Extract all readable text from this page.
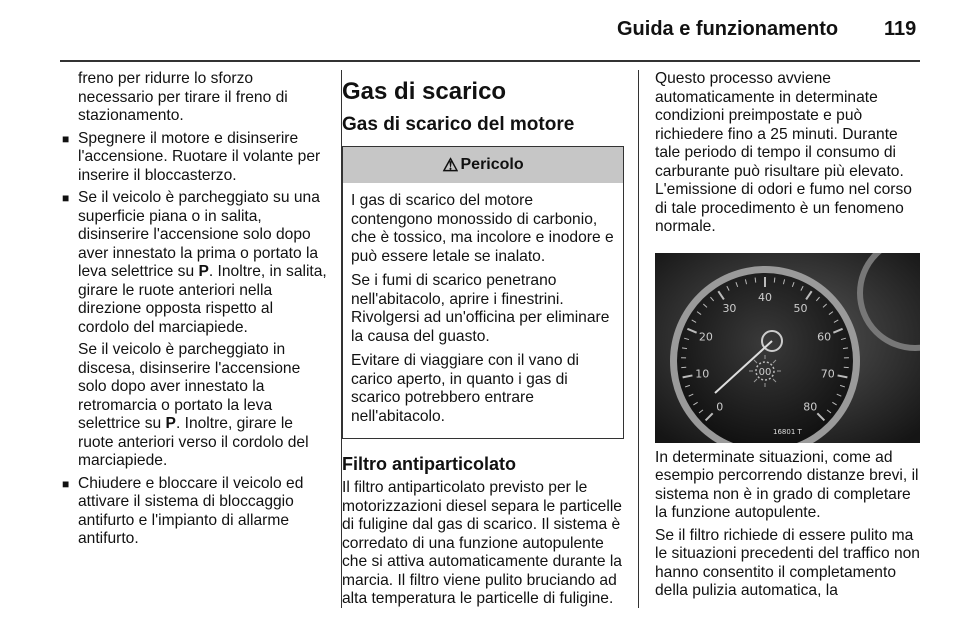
Guida e funzionamento 119

freno per ridurre lo sforzo necessario per tirare il freno di stazionamento.

■ Spegnere il motore e disinserire l'accensione. Ruotare il volante per inserire il bloccasterzo.

■ Se il veicolo è parcheggiato su una superficie piana o in salita, disinserire l'accensione solo dopo aver innestato la prima o portato la leva selettrice su P. Inoltre, in salita, girare le ruote anteriori nella direzione opposta rispetto al cordolo del marciapiede.

Se il veicolo è parcheggiato in discesa, disinserire l'accensione solo dopo aver innestato la retromarcia o portato la leva selettrice su P. Inoltre, girare le ruote anteriori verso il cordolo del marciapiede.

■ Chiudere e bloccare il veicolo ed attivare il sistema di bloccaggio antifurto e l'impianto di allarme antifurto.

Gas di scarico
Gas di scarico del motore
⚠ Pericolo

I gas di scarico del motore contengono monossido di carbonio, che è tossico, ma incolore e inodore e può essere letale se inalato.

Se i fumi di scarico penetrano nell'abitacolo, aprire i finestrini. Rivolgersi ad un'officina per eliminare la causa del guasto.

Evitare di viaggiare con il vano di carico aperto, in quanto i gas di scarico potrebbero entrare nell'abitacolo.

Filtro antiparticolato

Il filtro antiparticolato previsto per le motorizzazioni diesel separa le particelle di fuligine dal gas di scarico. Il sistema è corredato di una funzione autopulente che si attiva automaticamente durante la marcia. Il filtro viene pulito bruciando ad alta temperatura le particelle di fuligine.

Questo processo avviene automaticamente in determinate condizioni preimpostate e può richiedere fino a 25 minuti. Durante tale periodo di tempo il consumo di carburante può risultare più elevato. L'emissione di odori e fumo nel corso di tale procedimento è un fenomeno normale.

0
10
20
30
40
50
60
70
80
00
16801 T

In determinate situazioni, come ad esempio percorrendo distanze brevi, il sistema non è in grado di completare la funzione autopulente.

Se il filtro richiede di essere pulito ma le situazioni precedenti del traffico non hanno consentito il completamento della pulizia automatica, la
